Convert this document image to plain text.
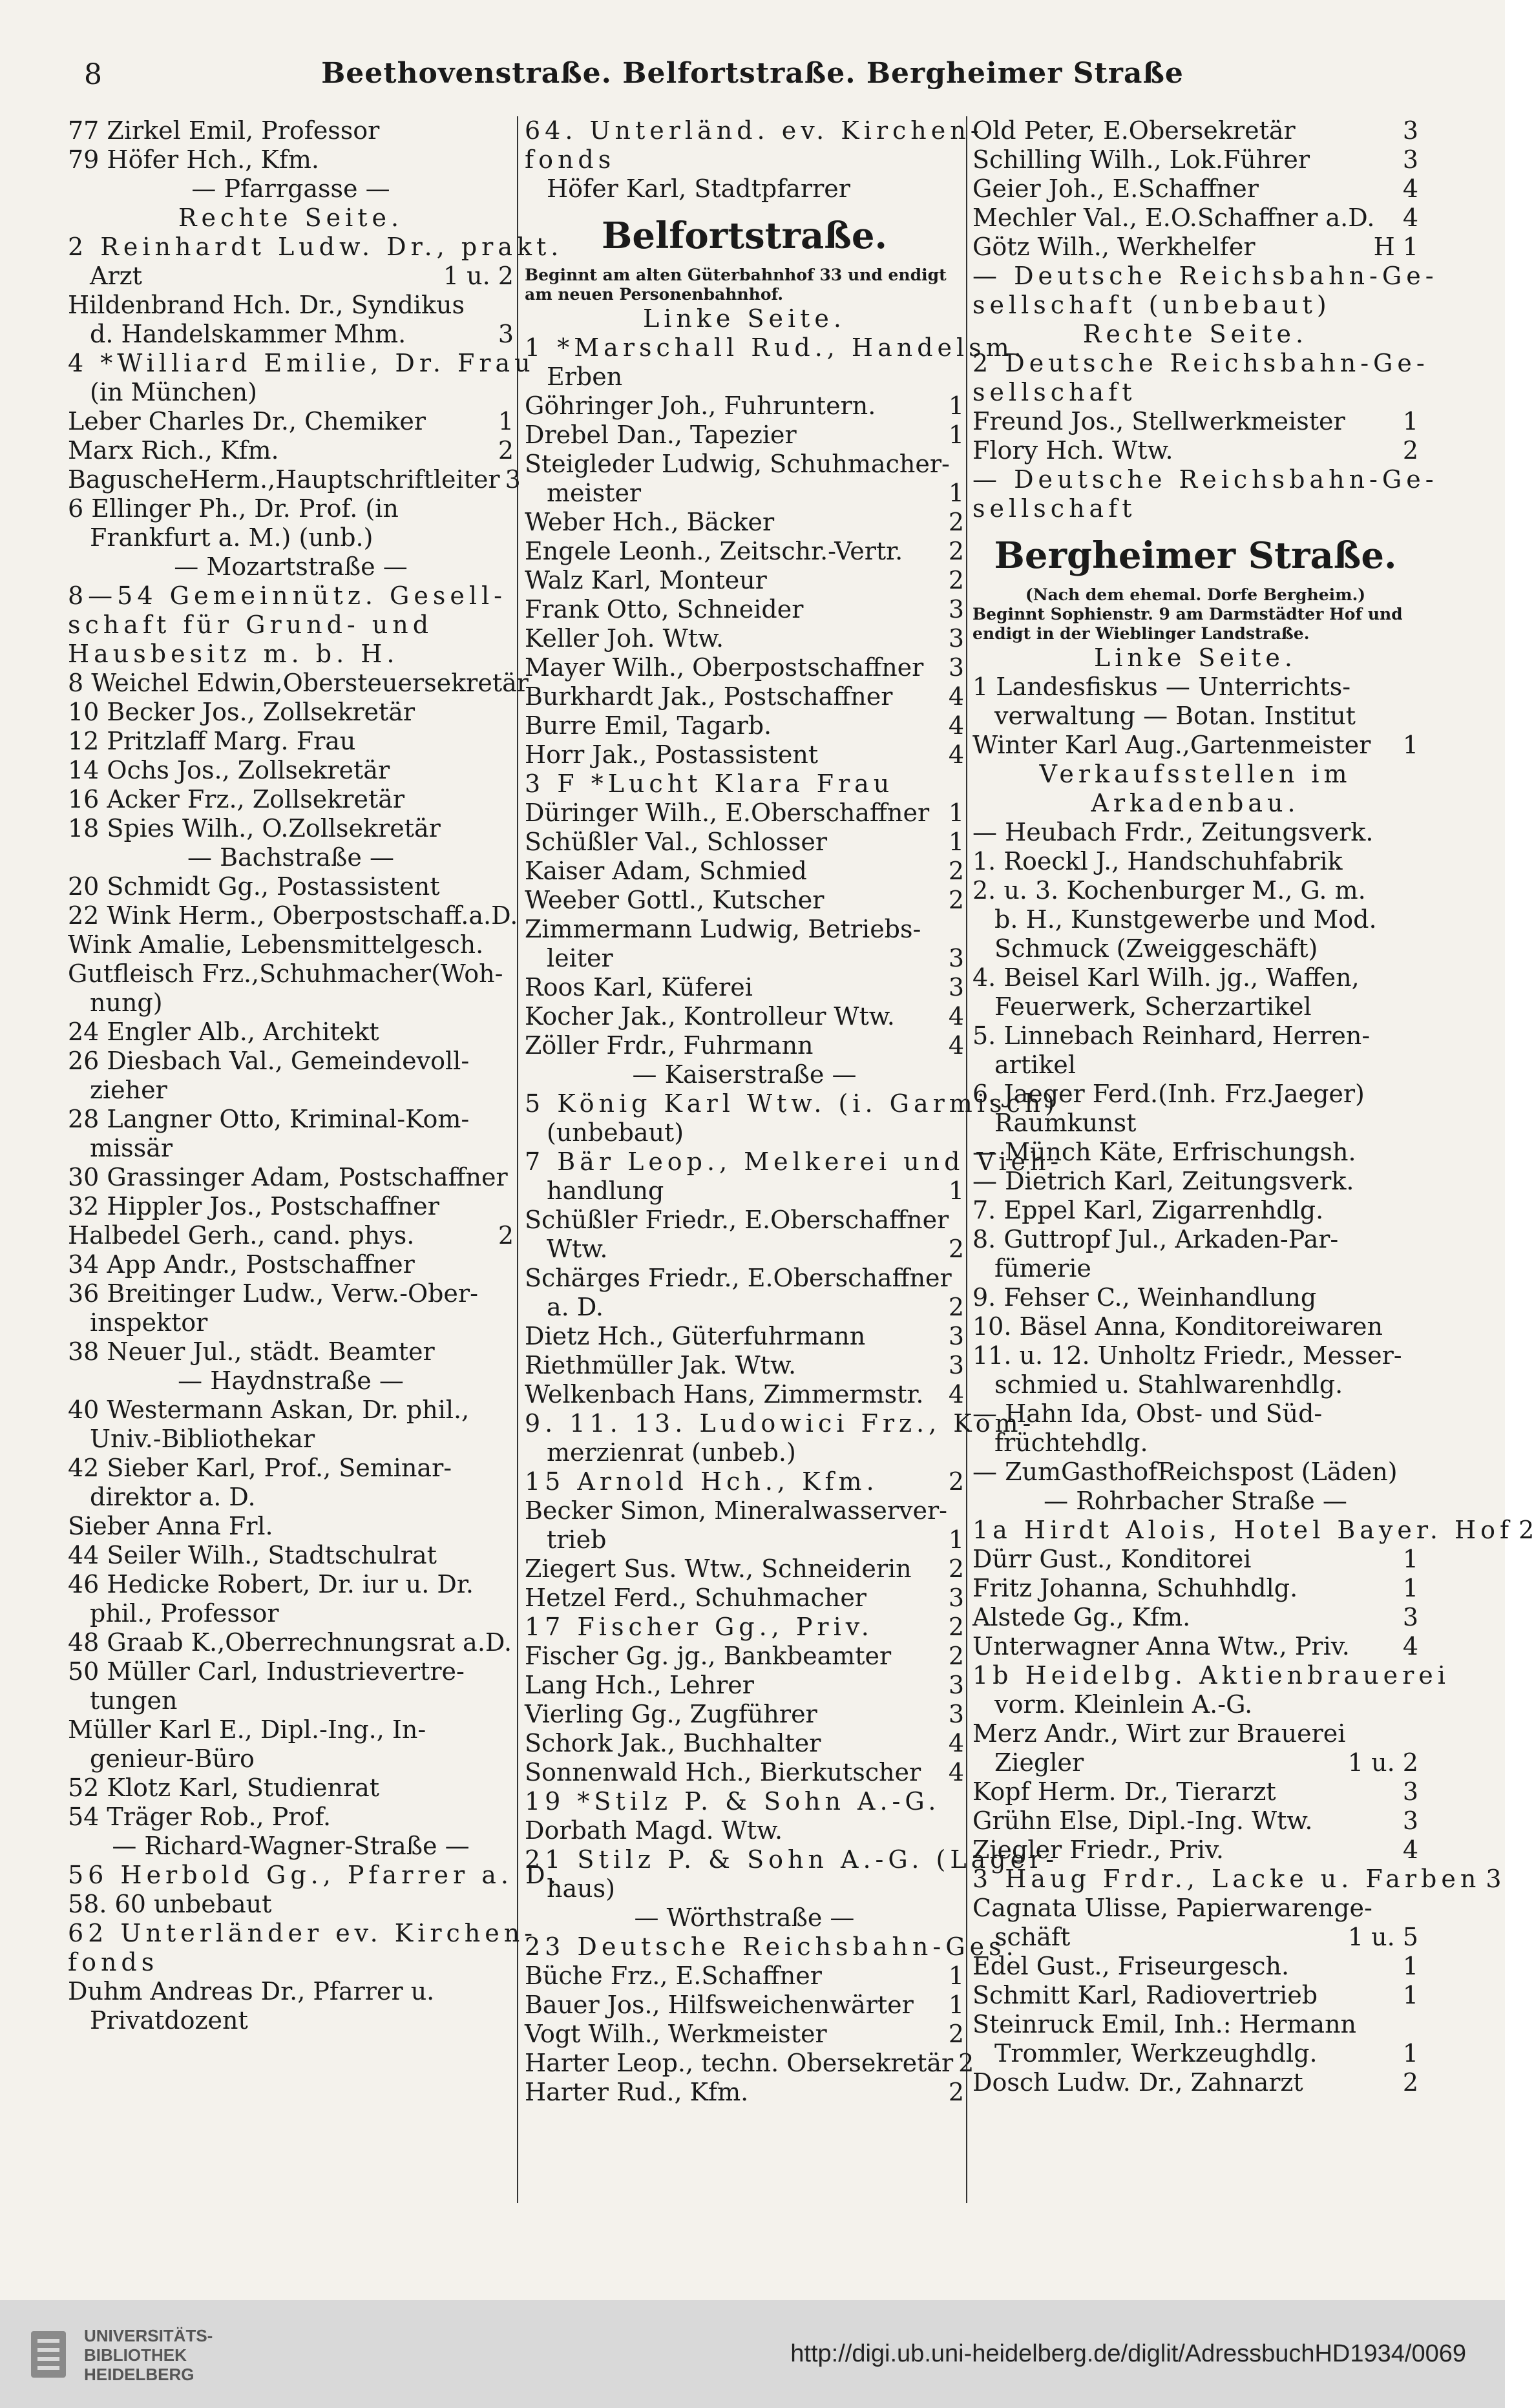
8	Beethovenstraße. Belfortstraße. Bergheimer Straße
77 Zirkel Emil, Professor
79 Höfer Hch., Kfm.
— Pfarrgasse —
Rechte Seite.
2 Reinhardt Ludw. Dr., prakt.
Arzt	1 u. 2
Hildenbrand Hch. Dr., Syndikus
d. Handelskammer Mhm.	3
4 *Williard Emilie, Dr. Frau
(in München)
Leber Charles Dr., Chemiker	1
Marx Rich., Kfm.	2
BaguscheHerm.,Hauptschriftleiter 3
6 Ellinger Ph., Dr. Prof. (in
Frankfurt a. M.) (unb.)
— Mozartstraße —
8—54 Gemeinnütz. Gesell-
schaft für Grund- und
Hausbesitz m. b. H.
8 Weichel Edwin,Obersteuersekretär
10 Becker Jos., Zollsekretär
12 Pritzlaff Marg. Frau
14 Ochs Jos., Zollsekretär
16 Acker Frz., Zollsekretär
18 Spies Wilh., O.Zollsekretär
— Bachstraße —
20 Schmidt Gg., Postassistent
22 Wink Herm., Oberpostschaff.a.D.
Wink Amalie, Lebensmittelgesch.
Gutfleisch Frz.,Schuhmacher(Woh-
nung)
24 Engler Alb., Architekt
26 Diesbach Val., Gemeindevoll-
zieher
28 Langner Otto, Kriminal-Kom-
missär
30 Grassinger Adam, Postschaffner
32 Hippler Jos., Postschaffner
Halbedel Gerh., cand. phys.	2
34 App Andr., Postschaffner
36 Breitinger Ludw., Verw.-Ober-
inspektor
38 Neuer Jul., städt. Beamter
— Haydnstraße —
40 Westermann Askan, Dr. phil.,
Univ.-Bibliothekar
42 Sieber Karl, Prof., Seminar-
direktor a. D.
Sieber Anna Frl.
44 Seiler Wilh., Stadtschulrat
46 Hedicke Robert, Dr. iur u. Dr.
phil., Professor
48 Graab K.,Oberrechnungsrat a.D.
50 Müller Carl, Industrievertre-
tungen
Müller Karl E., Dipl.-Ing., In-
genieur-Büro
52 Klotz Karl, Studienrat
54 Träger Rob., Prof.
— Richard-Wagner-Straße —
56 Herbold Gg., Pfarrer a. D.
58. 60 unbebaut
62 Unterländer ev. Kirchen-
fonds
Duhm Andreas Dr., Pfarrer u.
Privatdozent
64. Unterländ. ev. Kirchen-
fonds
Höfer Karl, Stadtpfarrer
Belfortstraße.
Beginnt am alten Güterbahnhof 33 und endigt am neuen Personenbahnhof.
Linke Seite.
1 *Marschall Rud., Handelsm.
Erben
Göhringer Joh., Fuhruntern.	1
Drebel Dan., Tapezier	1
Steigleder Ludwig, Schuhmacher-
meister	1
Weber Hch., Bäcker	2
Engele Leonh., Zeitschr.-Vertr. 2
Walz Karl, Monteur	2
Frank Otto, Schneider	3
Keller Joh. Wtw.	3
Mayer Wilh., Oberpostschaffner 3
Burkhardt Jak., Postschaffner 4
Burre Emil, Tagarb.	4
Horr Jak., Postassistent	4
3 F *Lucht Klara Frau
Düringer Wilh., E.Oberschaffner 1
Schüßler Val., Schlosser	1
Kaiser Adam, Schmied	2
Weeber Gottl., Kutscher	2
Zimmermann Ludwig, Betriebs-
leiter	3
Roos Karl, Küferei	3
Kocher Jak., Kontrolleur Wtw. 4
Zöller Frdr., Fuhrmann	4
— Kaiserstraße —
5 König Karl Wtw. (i. Garmisch)
(unbebaut)
7 Bär Leop., Melkerei und Vieh-
handlung	1
Schüßler Friedr., E.Oberschaffner
Wtw.	2
Schärges Friedr., E.Oberschaffner
a. D.	2
Dietz Hch., Güterfuhrmann	3
Riethmüller Jak. Wtw.	3
Welkenbach Hans, Zimmermstr. 4
9. 11. 13. Ludowici Frz., Kom-
merzienrat (unbeb.)
15 Arnold Hch., Kfm.	2
Becker Simon, Mineralwasserver-
trieb	1
Ziegert Sus. Wtw., Schneiderin 2
Hetzel Ferd., Schuhmacher	3
17 Fischer Gg., Priv.	2
Fischer Gg. jg., Bankbeamter 2
Lang Hch., Lehrer	3
Vierling Gg., Zugführer	3
Schork Jak., Buchhalter	4
Sonnenwald Hch., Bierkutscher 4
19 *Stilz P. & Sohn A.-G.
Dorbath Magd. Wtw.
21 Stilz P. & Sohn A.-G. (Lager-
haus)
— Wörthstraße —
23 Deutsche Reichsbahn-Ges.
Büche Frz., E.Schaffner	1
Bauer Jos., Hilfsweichenwärter 1
Vogt Wilh., Werkmeister	2
Harter Leop., techn. Obersekretär 2
Harter Rud., Kfm.	2
Old Peter, E.Obersekretär	3
Schilling Wilh., Lok.Führer	3
Geier Joh., E.Schaffner	4
Mechler Val., E.O.Schaffner a.D. 4
Götz Wilh., Werkhelfer	H 1
— Deutsche Reichsbahn-Ge-
sellschaft (unbebaut)
Rechte Seite.
2 Deutsche Reichsbahn-Ge-
sellschaft
Freund Jos., Stellwerkmeister 1
Flory Hch. Wtw.	2
— Deutsche Reichsbahn-Ge-
sellschaft
Bergheimer Straße.
(Nach dem ehemal. Dorfe Bergheim.)
Beginnt Sophienstr. 9 am Darmstädter Hof und endigt in der Wieblinger Landstraße.
Linke Seite.
1 Landesfiskus — Unterrichts-
verwaltung — Botan. Institut
Winter Karl Aug.,Gartenmeister 1
Verkaufsstellen im
Arkadenbau.
— Heubach Frdr., Zeitungsverk.
1. Roeckl J., Handschuhfabrik
2. u. 3. Kochenburger M., G. m.
b. H., Kunstgewerbe und Mod.
Schmuck (Zweiggeschäft)
4. Beisel Karl Wilh. jg., Waffen,
Feuerwerk, Scherzartikel
5. Linnebach Reinhard, Herren-
artikel
6. Jaeger Ferd.(Inh. Frz.Jaeger)
Raumkunst
— Münch Käte, Erfrischungsh.
— Dietrich Karl, Zeitungsverk.
7. Eppel Karl, Zigarrenhdlg.
8. Guttropf Jul., Arkaden-Par-
fümerie
9. Fehser C., Weinhandlung
10. Bäsel Anna, Konditoreiwaren
11. u. 12. Unholtz Friedr., Messer-
schmied u. Stahlwarenhdlg.
— Hahn Ida, Obst- und Süd-
früchtehdlg.
— ZumGasthofReichspost (Läden)
— Rohrbacher Straße —
1a Hirdt Alois, Hotel Bayer. Hof 2
Dürr Gust., Konditorei	1
Fritz Johanna, Schuhhdlg.	1
Alstede Gg., Kfm.	3
Unterwagner Anna Wtw., Priv. 4
1b Heidelbg. Aktienbrauerei
vorm. Kleinlein A.-G.
Merz Andr., Wirt zur Brauerei
Ziegler	1 u. 2
Kopf Herm. Dr., Tierarzt	3
Grühn Else, Dipl.-Ing. Wtw.	3
Ziegler Friedr., Priv.	4
3 Haug Frdr., Lacke u. Farben 3
Cagnata Ulisse, Papierwarenge-
schäft	1 u. 5
Edel Gust., Friseurgesch.	1
Schmitt Karl, Radiovertrieb	1
Steinruck Emil, Inh.: Hermann
Trommler, Werkzeughdlg.	1
Dosch Ludw. Dr., Zahnarzt	2
UNIVERSITÄTS-
BIBLIOTHEK
HEIDELBERG
http://digi.ub.uni-heidelberg.de/diglit/AdressbuchHD1934/0069
